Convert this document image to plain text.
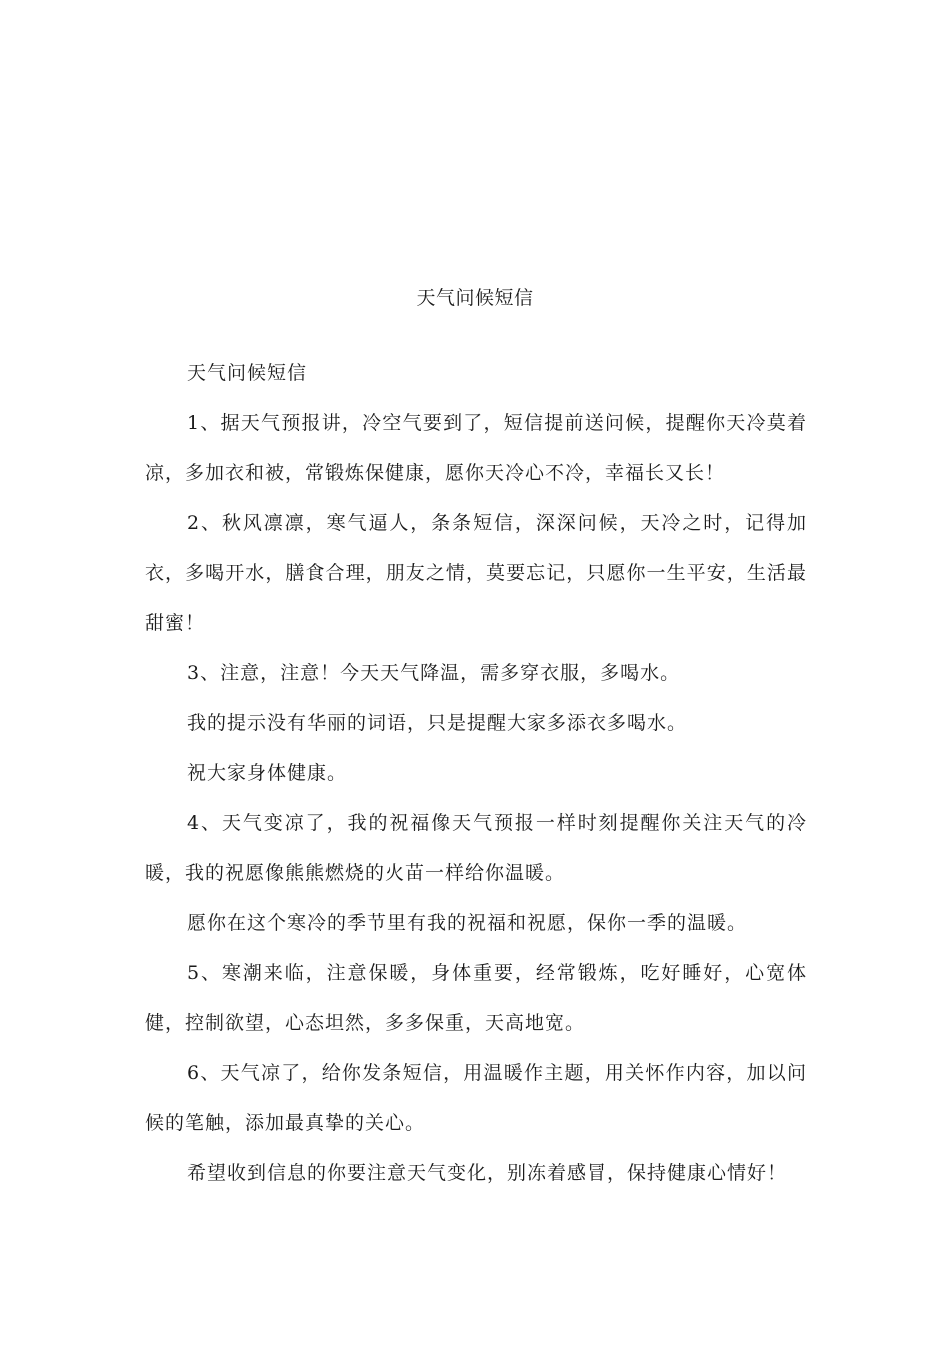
天气问候短信

天气问候短信

1、据天气预报讲，冷空气要到了，短信提前送问候，提醒你天冷莫着凉，多加衣和被，常锻炼保健康，愿你天冷心不冷，幸福长又长！

2、秋风凛凛，寒气逼人，条条短信，深深问候，天冷之时，记得加衣，多喝开水，膳食合理，朋友之情，莫要忘记，只愿你一生平安，生活最甜蜜！

3、注意，注意！今天天气降温，需多穿衣服，多喝水。

我的提示没有华丽的词语，只是提醒大家多添衣多喝水。

祝大家身体健康。

4、天气变凉了，我的祝福像天气预报一样时刻提醒你关注天气的冷暖，我的祝愿像熊熊燃烧的火苗一样给你温暖。

愿你在这个寒冷的季节里有我的祝福和祝愿，保你一季的温暖。

5、寒潮来临，注意保暖，身体重要，经常锻炼，吃好睡好，心宽体健，控制欲望，心态坦然，多多保重，天高地宽。

6、天气凉了，给你发条短信，用温暖作主题，用关怀作内容，加以问候的笔触，添加最真挚的关心。

希望收到信息的你要注意天气变化，别冻着感冒，保持健康心情好！
